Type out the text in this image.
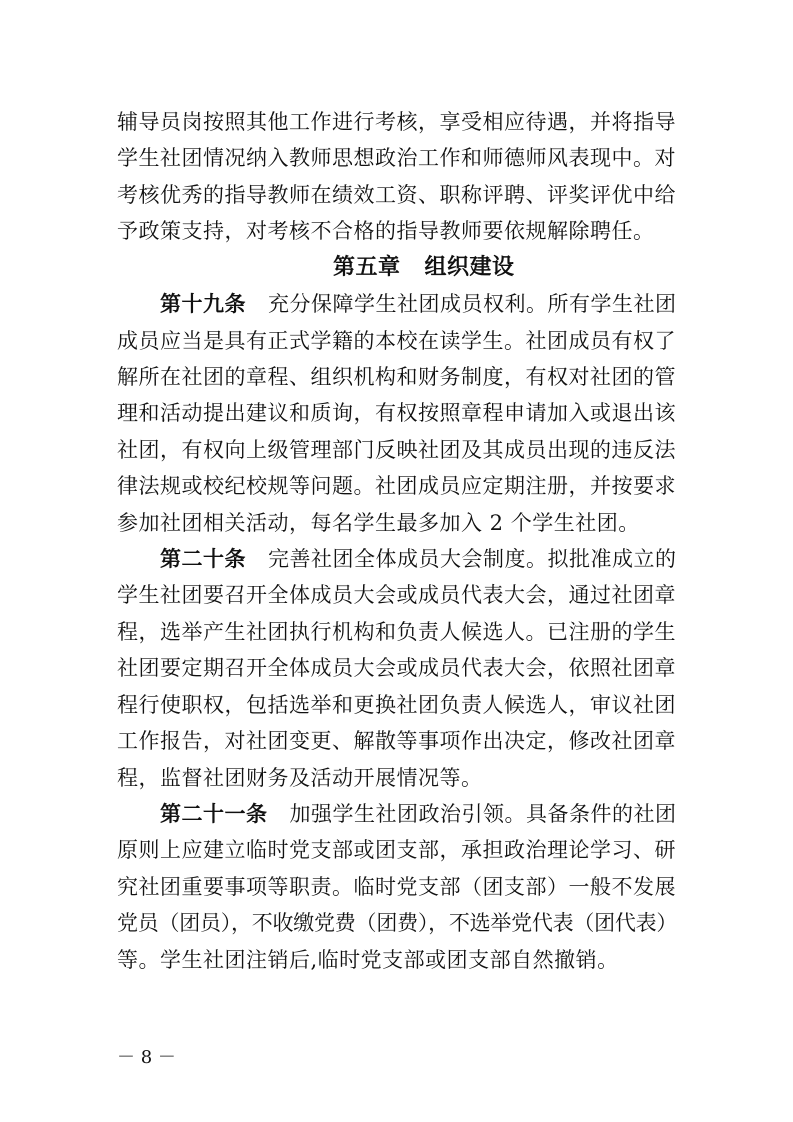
辅导员岗按照其他工作进行考核，享受相应待遇，并将指导
学生社团情况纳入教师思想政治工作和师德师风表现中。对
考核优秀的指导教师在绩效工资、职称评聘、评奖评优中给
予政策支持，对考核不合格的指导教师要依规解除聘任。
第五章 组织建设
第十九条 充分保障学生社团成员权利。所有学生社团
成员应当是具有正式学籍的本校在读学生。社团成员有权了
解所在社团的章程、组织机构和财务制度，有权对社团的管
理和活动提出建议和质询，有权按照章程申请加入或退出该
社团，有权向上级管理部门反映社团及其成员出现的违反法
律法规或校纪校规等问题。社团成员应定期注册，并按要求
参加社团相关活动，每名学生最多加入 2 个学生社团。
第二十条 完善社团全体成员大会制度。拟批准成立的
学生社团要召开全体成员大会或成员代表大会，通过社团章
程，选举产生社团执行机构和负责人候选人。已注册的学生
社团要定期召开全体成员大会或成员代表大会，依照社团章
程行使职权，包括选举和更换社团负责人候选人，审议社团
工作报告，对社团变更、解散等事项作出决定，修改社团章
程，监督社团财务及活动开展情况等。
第二十一条 加强学生社团政治引领。具备条件的社团
原则上应建立临时党支部或团支部，承担政治理论学习、研
究社团重要事项等职责。临时党支部（团支部）一般不发展
党员（团员），不收缴党费（团费），不选举党代表（团代表）
等。学生社团注销后,临时党支部或团支部自然撤销。
－ 8 －
